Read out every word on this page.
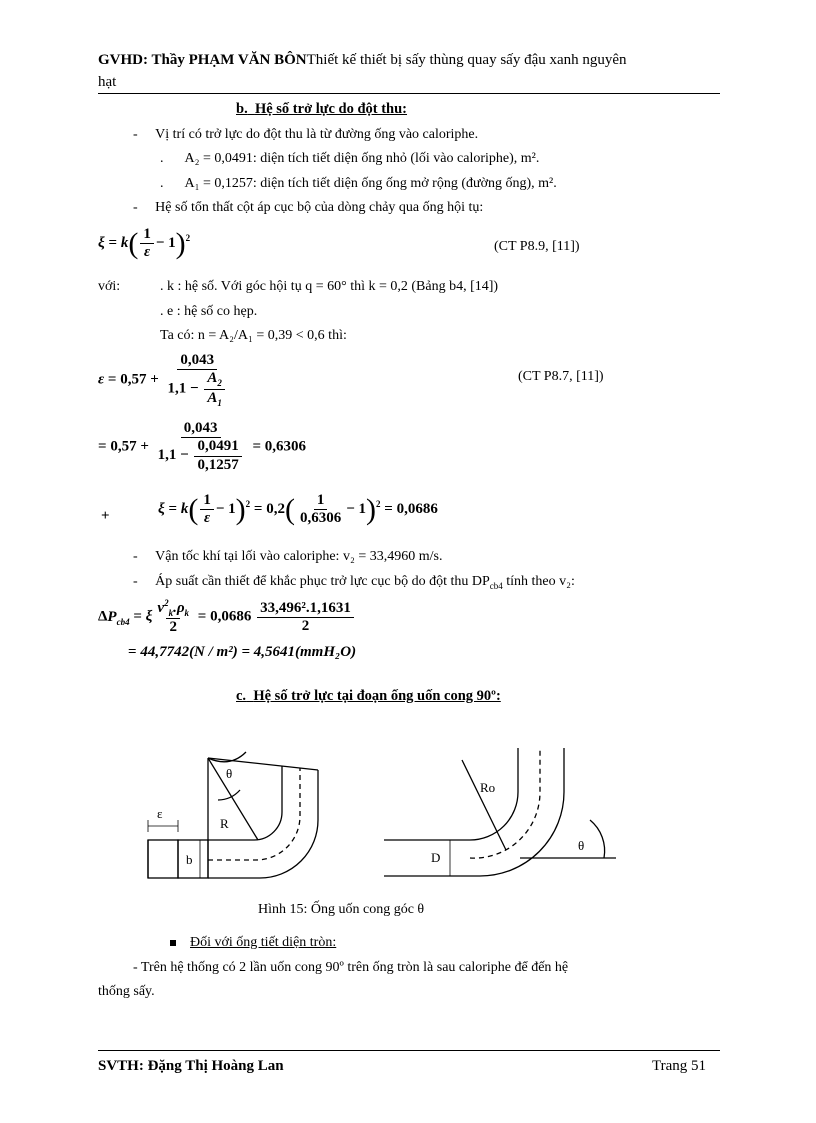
GVHD: Thầy PHẠM VĂN BÔNThiết kế thiết bị sấy thùng quay sấy đậu xanh nguyên
hạt
b. Hệ số trở lực do đột thu:
-     Vị trí có trở lực do đột thu là từ đường ống vào caloriphe.
.      A₂ = 0,0491: diện tích tiết diện ống nhỏ (lối vào caloriphe), m².
.      A₁ = 0,1257: diện tích tiết diện ống ống mở rộng (đường ống), m².
-     Hệ số tổn thất cột áp cục bộ của dòng chảy qua ống hội tụ:
$\xi = k( \frac{1}{\varepsilon} - 1)^2$
(CT P8.9, [11])
với:	. k : hệ số. Với góc hội tụ q = 60° thì k = 0,2 (Bảng b4, [14])
. e : hệ số co hẹp.
Ta có: n = A₂/A₁ = 0,39 < 0,6 thì:
$\varepsilon = 0,57 + \frac{0,043}{1,1 - \frac{A_2}{A_1}}$	(CT P8.7, [11])
= $0,57 + \frac{0,043}{1,1 - \frac{0,0491}{0,1257}} = 0,6306$
+	$\xi = k( \frac{1}{\varepsilon} - 1)^2 = 0,2( \frac{1}{0,6306} - 1)^2 = 0,0686$
-     Vận tốc khí tại lối vào caloriphe: v₂ = 33,4960 m/s.
-     Áp suất cần thiết để khắc phục trở lực cục bộ do đột thu $DP_{cb4}$ tính theo v₂:
$\Delta P_{cb4} = \xi \frac{v^2_k.\rho_k}{2} = 0,0686 \frac{\text{33,496².1,1631}}{2}$
= 44,7742(N / m²) = 4,5641(mmH₂O)
c. Hệ số trở lực tại đoạn ống uốn cong 90º:
θ
ε
R
b
Ro
D
θ
Hình 15: Ống uốn cong góc θ
Đối với ống tiết diện tròn:
- Trên hệ thống có 2 lần uốn cong 90º trên ống tròn là sau caloriphe để đến hệ
thống sấy.
SVTH: Đặng Thị Hoàng Lan	Trang 51
